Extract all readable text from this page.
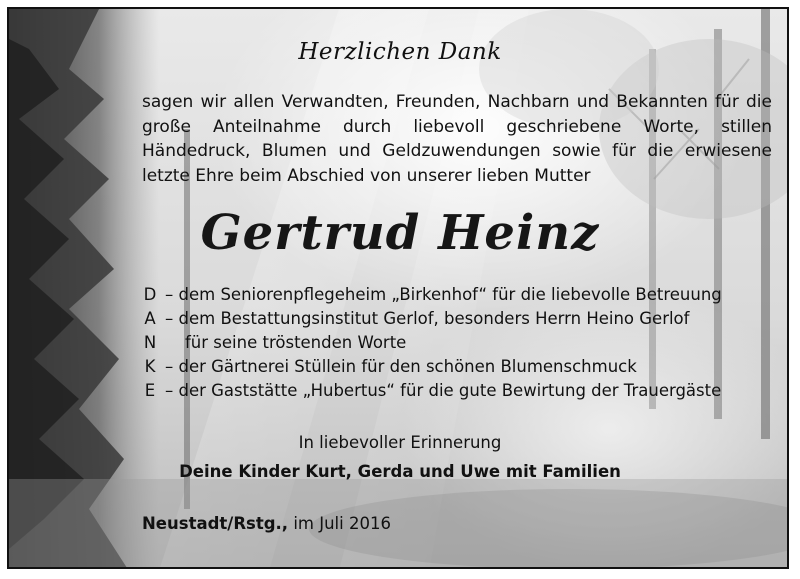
Herzlichen Dank
sagen wir allen Verwandten, Freunden, Nachbarn und Bekannten für die große Anteilnahme durch liebevoll geschriebene Worte, stillen Händedruck, Blumen und Geldzuwendungen sowie für die erwiesene letzte Ehre beim Abschied von unserer lieben Mutter
Gertrud Heinz
D – dem Seniorenpflegeheim „Birkenhof“ für die liebevolle Betreuung
A – dem Bestattungsinstitut Gerlof, besonders Herrn Heino Gerlof
N für seine tröstenden Worte
K – der Gärtnerei Stüllein für den schönen Blumenschmuck
E – der Gaststätte „Hubertus“ für die gute Bewirtung der Trauergäste
In liebevoller Erinnerung
Deine Kinder Kurt, Gerda und Uwe mit Familien
Neustadt/Rstg., im Juli 2016
